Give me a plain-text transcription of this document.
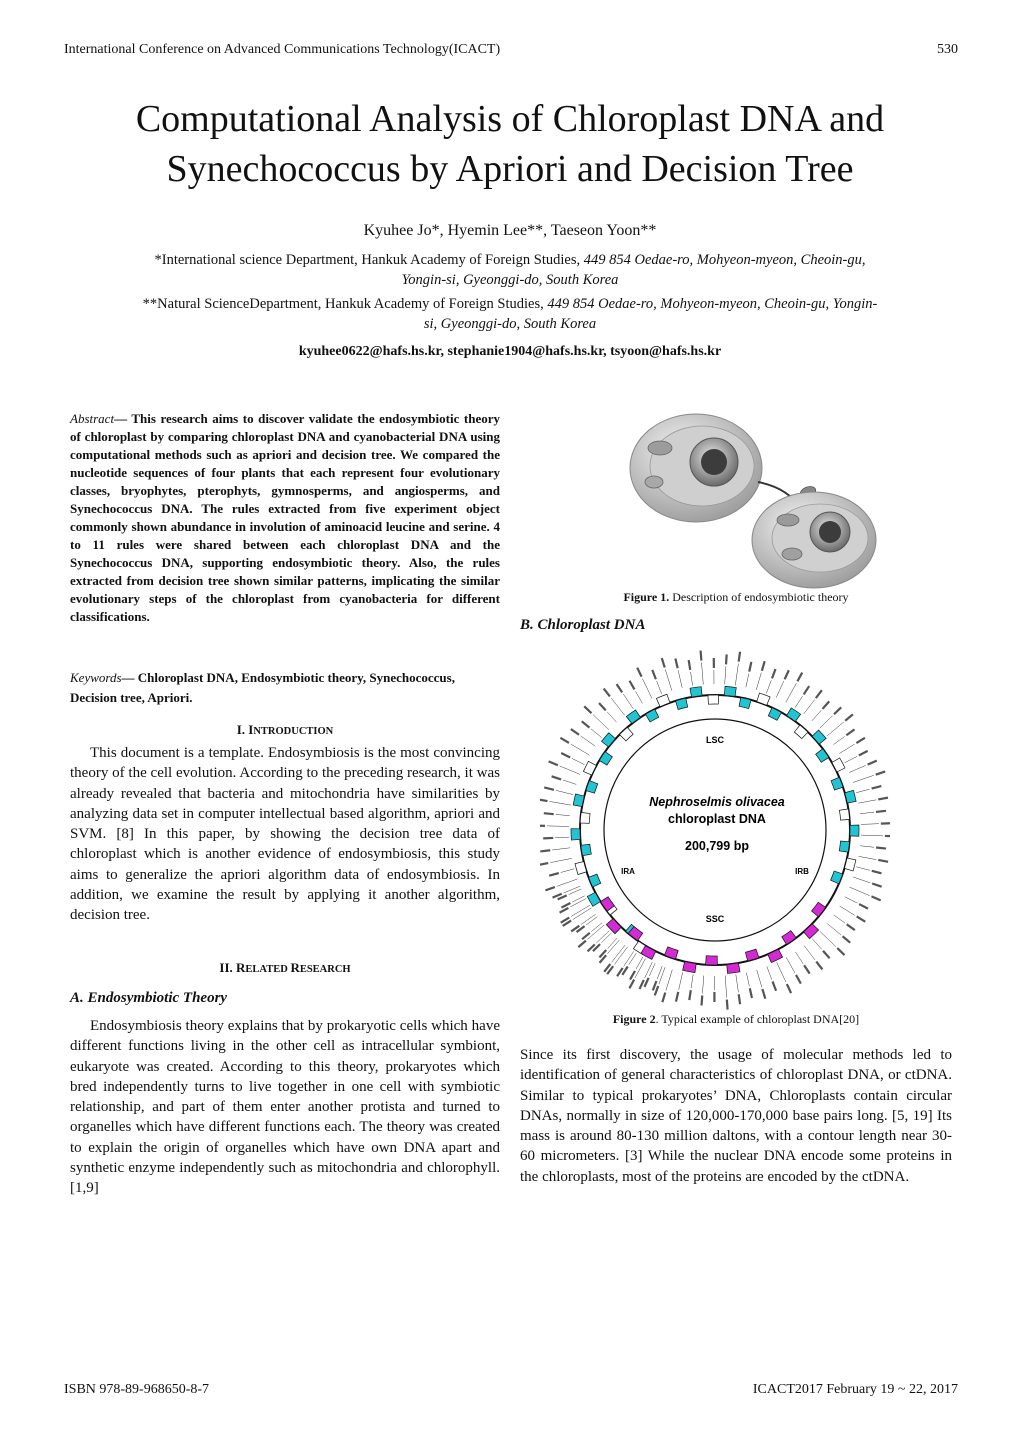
International Conference on Advanced Communications Technology(ICACT)	530
Computational Analysis of Chloroplast DNA and
Synechococcus by Apriori and Decision Tree
Kyuhee Jo*, Hyemin Lee**, Taeseon Yoon**
*International science Department, Hankuk Academy of Foreign Studies, 449 854 Oedae-ro, Mohyeon-myeon, Cheoin-gu,
Yongin-si, Gyeonggi-do, South Korea
**Natural ScienceDepartment, Hankuk Academy of Foreign Studies, 449 854 Oedae-ro, Mohyeon-myeon, Cheoin-gu, Yongin-
si, Gyeonggi-do, South Korea
kyuhee0622@hafs.hs.kr, stephanie1904@hafs.hs.kr, tsyoon@hafs.hs.kr
Abstract— This research aims to discover validate the endosymbiotic theory of chloroplast by comparing chloroplast DNA and cyanobacterial DNA using computational methods such as apriori and decision tree. We compared the nucleotide sequences of four plants that each represent four evolutionary classes, bryophytes, pterophyts, gymnosperms, and angiosperms, and Synechococcus DNA. The rules extracted from five experiment object commonly shown abundance in involution of aminoacid leucine and serine. 4 to 11 rules were shared between each chloroplast DNA and the Synechococcus DNA, supporting endosymbiotic theory. Also, the rules extracted from decision tree shown similar patterns, implicating the similar evolutionary steps of the chloroplast from cyanobacteria for different classifications.
Keywords— Chloroplast DNA, Endosymbiotic theory, Synechococcus, Decision tree, Apriori.
I. INTRODUCTION
This document is a template. Endosymbiosis is the most convincing theory of the cell evolution. According to the preceding research, it was already revealed that bacteria and mitochondria have similarities by analyzing data set in computer intellectual based algorithm, apriori and SVM. [8] In this paper, by showing the decision tree data of chloroplast which is another evidence of endosymbiosis, this study aims to generalize the apriori algorithm data of endosymbiosis. In addition, we examine the result by applying it another algorithm, decision tree.
II. RELATED RESEARCH
A. Endosymbiotic Theory
Endosymbiosis theory explains that by prokaryotic cells which have different functions living in the other cell as intracellular symbiont, eukaryote was created. According to this theory, prokaryotes which bred independently turns to live together in one cell with symbiotic relationship, and part of them enter another protista and turned to organelles which have different functions each. The theory was created to explain the origin of organelles which have own DNA apart and synthetic enzyme independently such as mitochondria and chlorophyll. [1,9]
Figure 1. Description of endosymbiotic theory
B. Chloroplast DNA
LSC
SSC
IRA	IRB
Nephroselmis olivacea
chloroplast DNA
200,799 bp
Figure 2. Typical example of chloroplast DNA[20]
Since its first discovery, the usage of molecular methods led to identification of general characteristics of chloroplast DNA, or ctDNA. Similar to typical prokaryotes’ DNA, Chloroplasts contain circular DNAs, normally in size of 120,000-170,000 base pairs long. [5, 19] Its mass is around 80-130 million daltons, with a contour length near 30-60 micrometers. [3] While the nuclear DNA encode some proteins in the chloroplasts, most of the proteins are encoded by the ctDNA.
ISBN 978-89-968650-8-7	ICACT2017 February 19 ~ 22, 2017
